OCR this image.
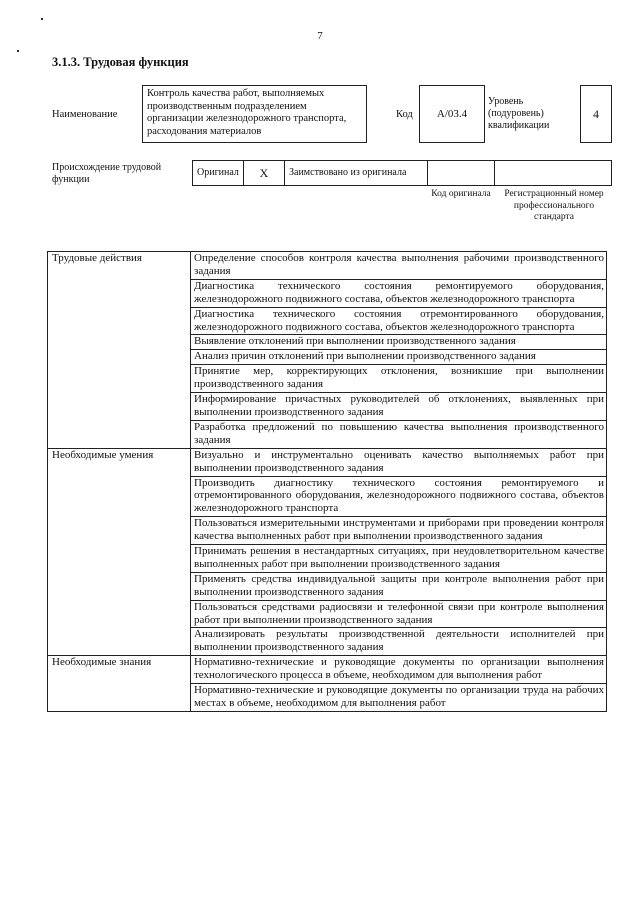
7
3.1.3. Трудовая функция
Наименование
Контроль качества работ, выполняемых производственным подразделением организации железнодорожного транспорта, расходования материалов
Код	A/03.4
Уровень (подуровень) квалификации
4
Происхождение трудовой функции
Оригинал	X	Заимствовано из оригинала
Код оригинала	Регистрационный номер профессионального стандарта
Трудовые действия	Определение способов контроля качества выполнения рабочими производственного задания
	Диагностика технического состояния ремонтируемого оборудования, железнодорожного подвижного состава, объектов железнодорожного транспорта
	Диагностика технического состояния отремонтированного оборудования, железнодорожного подвижного состава, объектов железнодорожного транспорта
	Выявление отклонений при выполнении производственного задания
	Анализ причин отклонений при выполнении производственного задания
	Принятие мер, корректирующих отклонения, возникшие при выполнении производственного задания
	Информирование причастных руководителей об отклонениях, выявленных при выполнении производственного задания
	Разработка предложений по повышению качества выполнения производственного задания
Необходимые умения	Визуально и инструментально оценивать качество выполняемых работ при выполнении производственного задания
	Производить диагностику технического состояния ремонтируемого и отремонтированного оборудования, железнодорожного подвижного состава, объектов железнодорожного транспорта
	Пользоваться измерительными инструментами и приборами при проведении контроля качества выполненных работ при выполнении производственного задания
	Принимать решения в нестандартных ситуациях, при неудовлетворительном качестве выполненных работ при выполнении производственного задания
	Применять средства индивидуальной защиты при контроле выполнения работ при выполнении производственного задания
	Пользоваться средствами радиосвязи и телефонной связи при контроле выполнения работ при выполнении производственного задания
	Анализировать результаты производственной деятельности исполнителей при выполнении производственного задания
Необходимые знания	Нормативно-технические и руководящие документы по организации выполнения технологического процесса в объеме, необходимом для выполнения работ
	Нормативно-технические и руководящие документы по организации труда на рабочих местах в объеме, необходимом для выполнения работ
